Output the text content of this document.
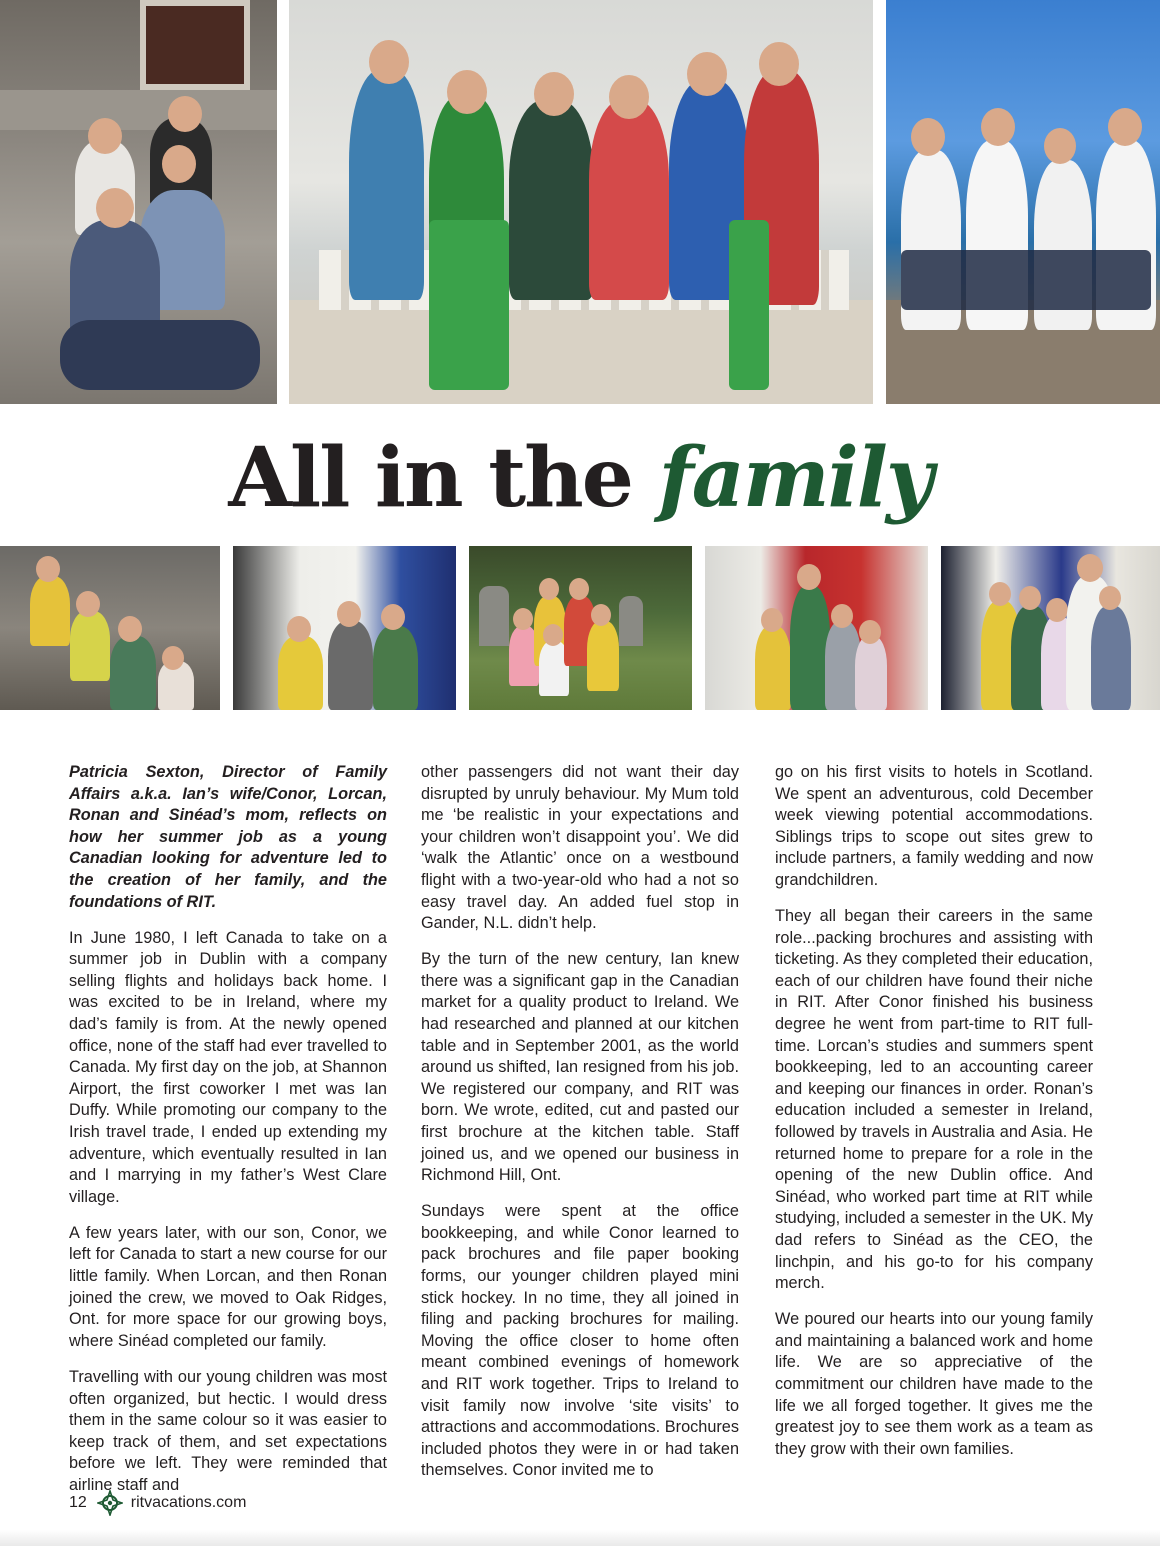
All in the family

Patricia Sexton, Director of Family Affairs a.k.a. Ian’s wife/Conor, Lorcan, Ronan and Sinéad’s mom, reflects on how her summer job as a young Canadian looking for adventure led to the creation of her family, and the foundations of RIT.

In June 1980, I left Canada to take on a summer job in Dublin with a company selling flights and holidays back home. I was excited to be in Ireland, where my dad’s family is from. At the newly opened office, none of the staff had ever travelled to Canada. My first day on the job, at Shannon Airport, the first coworker I met was Ian Duffy. While promoting our company to the Irish travel trade, I ended up extending my adventure, which eventually resulted in Ian and I marrying in my father’s West Clare village.

A few years later, with our son, Conor, we left for Canada to start a new course for our little family. When Lorcan, and then Ronan joined the crew, we moved to Oak Ridges, Ont. for more space for our growing boys, where Sinéad completed our family.

Travelling with our young children was most often organized, but hectic. I would dress them in the same colour so it was easier to keep track of them, and set expectations before we left. They were reminded that airline staff and

other passengers did not want their day disrupted by unruly behaviour. My Mum told me ‘be realistic in your expectations and your children won’t disappoint you’. We did ‘walk the Atlantic’ once on a westbound flight with a two-year-old who had a not so easy travel day. An added fuel stop in Gander, N.L. didn’t help.

By the turn of the new century, Ian knew there was a significant gap in the Canadian market for a quality product to Ireland. We had researched and planned at our kitchen table and in September 2001, as the world around us shifted, Ian resigned from his job. We registered our company, and RIT was born. We wrote, edited, cut and pasted our first brochure at the kitchen table. Staff joined us, and we opened our business in Richmond Hill, Ont.

Sundays were spent at the office bookkeeping, and while Conor learned to pack brochures and file paper booking forms, our younger children played mini stick hockey. In no time, they all joined in filing and packing brochures for mailing. Moving the office closer to home often meant combined evenings of homework and RIT work together. Trips to Ireland to visit family now involve ‘site visits’ to attractions and accommodations. Brochures included photos they were in or had taken themselves. Conor invited me to

go on his first visits to hotels in Scotland. We spent an adventurous, cold December week viewing potential accommodations. Siblings trips to scope out sites grew to include partners, a family wedding and now grandchildren.

They all began their careers in the same role...packing brochures and assisting with ticketing. As they completed their education, each of our children have found their niche in RIT. After Conor finished his business degree he went from part-time to RIT full-time. Lorcan’s studies and summers spent bookkeeping, led to an accounting career and keeping our finances in order. Ronan’s education included a semester in Ireland, followed by travels in Australia and Asia. He returned home to prepare for a role in the opening of the new Dublin office. And Sinéad, who worked part time at RIT while studying, included a semester in the UK. My dad refers to Sinéad as the CEO, the linchpin, and his go-to for his company merch.

We poured our hearts into our young family and maintaining a balanced work and home life. We are so appreciative of the commitment our children have made to the life we all forged together. It gives me the greatest joy to see them work as a team as they grow with their own families.

12	ritvacations.com
